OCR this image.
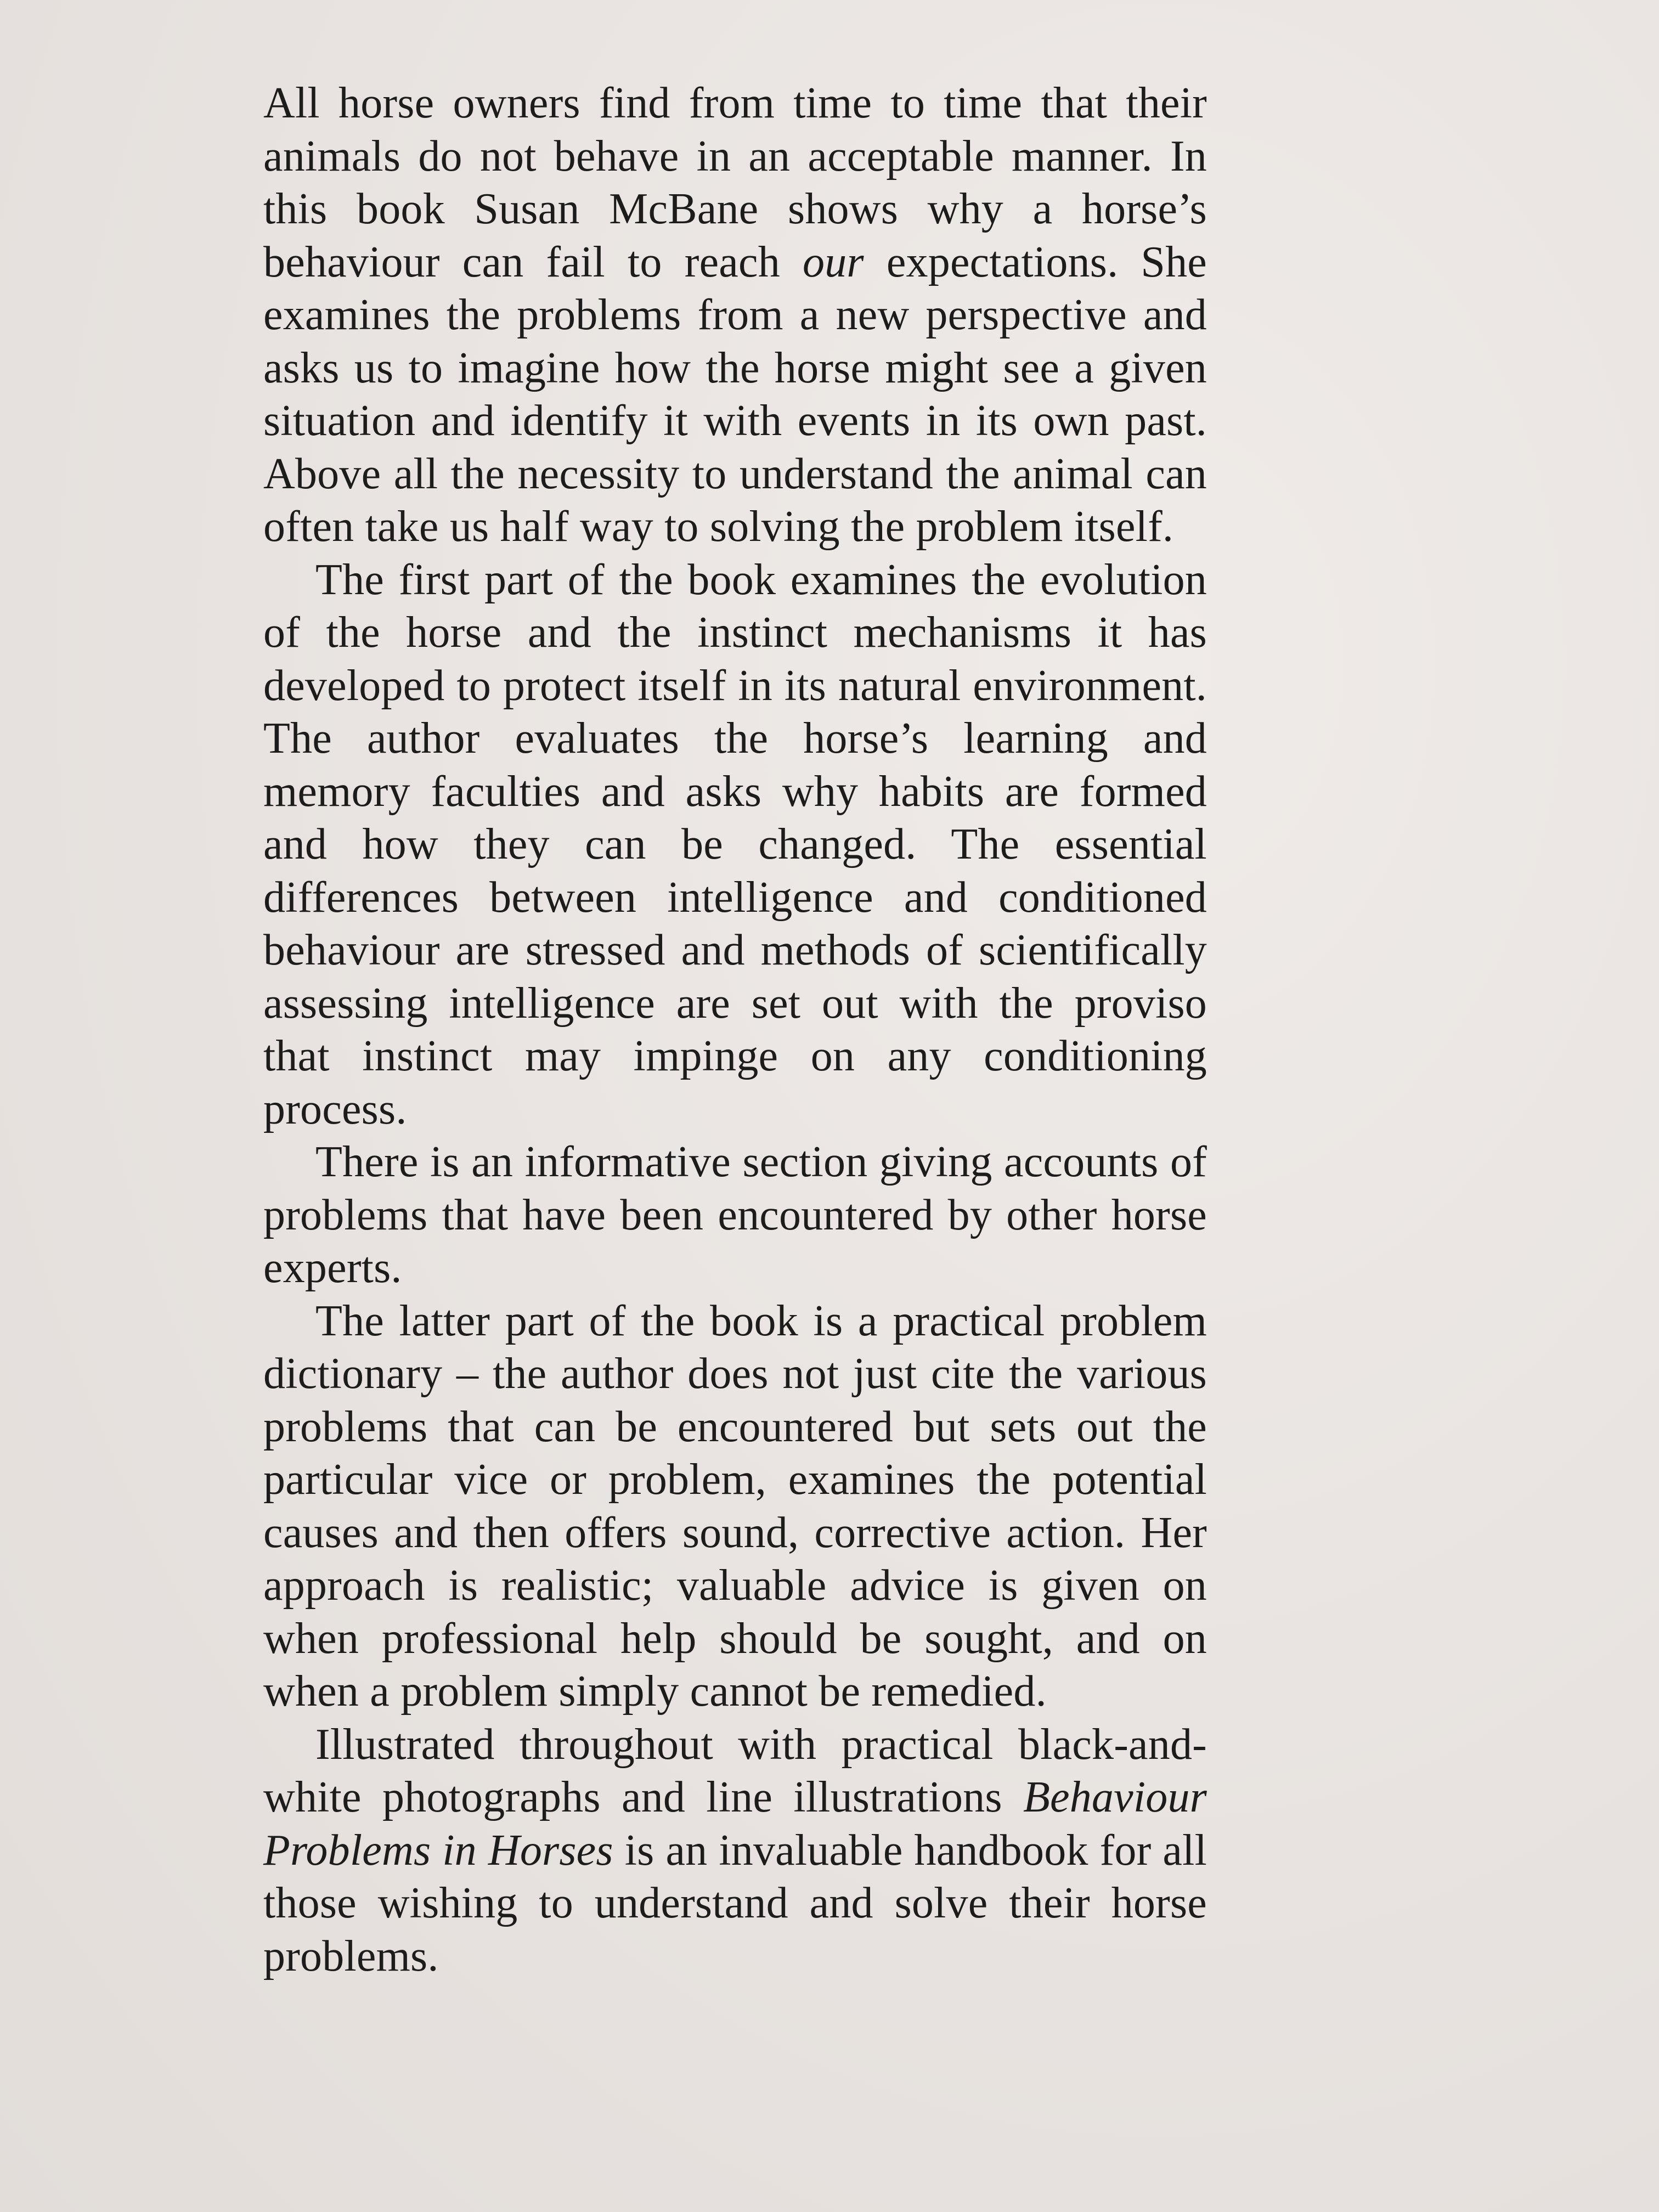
All horse owners find from time to time that their animals do not behave in an acceptable manner. In this book Susan McBane shows why a horse’s behaviour can fail to reach our expectations. She examines the problems from a new perspective and asks us to imagine how the horse might see a given situation and identify it with events in its own past. Above all the necessity to understand the animal can often take us half way to solving the problem itself.

The first part of the book examines the evolution of the horse and the instinct mechanisms it has developed to protect itself in its natural environment. The author evaluates the horse’s learning and memory faculties and asks why habits are formed and how they can be changed. The essential differences between intelligence and conditioned behaviour are stressed and methods of scientifically assessing intelligence are set out with the proviso that instinct may impinge on any conditioning process.

There is an informative section giving accounts of problems that have been encountered by other horse experts.

The latter part of the book is a practical problem dictionary – the author does not just cite the various problems that can be encountered but sets out the particular vice or problem, examines the potential causes and then offers sound, corrective action. Her approach is realistic; valuable advice is given on when professional help should be sought, and on when a problem simply cannot be remedied.

Illustrated throughout with practical black-and-white photographs and line illustrations Behaviour Problems in Horses is an invaluable handbook for all those wishing to understand and solve their horse problems.
